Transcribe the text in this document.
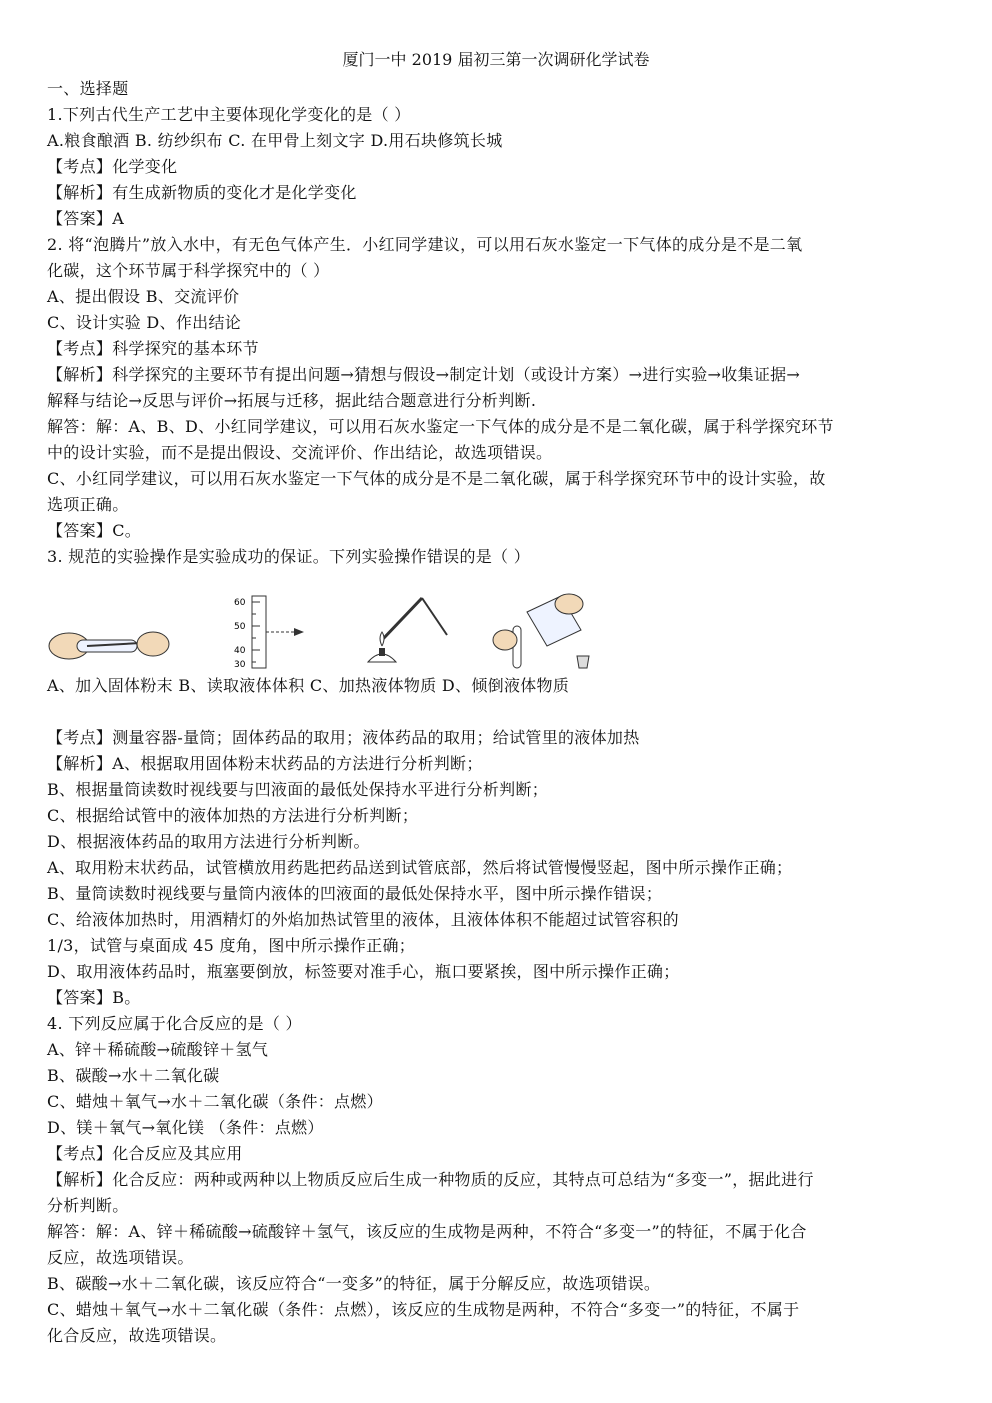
厦门一中 2019 届初三第一次调研化学试卷
一、选择题
1.下列古代生产工艺中主要体现化学变化的是（ ）
A.粮食酿酒 B. 纺纱织布 C. 在甲骨上刻文字 D.用石块修筑长城
【考点】化学变化
【解析】有生成新物质的变化才是化学变化
【答案】A
2. 将“泡腾片”放入水中，有无色气体产生．小红同学建议，可以用石灰水鉴定一下气体的成分是不是二氧
化碳，这个环节属于科学探究中的（ ）
A、提出假设 B、交流评价
C、设计实验 D、作出结论
【考点】科学探究的基本环节
【解析】科学探究的主要环节有提出问题→猜想与假设→制定计划（或设计方案）→进行实验→收集证据→
解释与结论→反思与评价→拓展与迁移，据此结合题意进行分析判断.
解答：解：A、B、D、小红同学建议，可以用石灰水鉴定一下气体的成分是不是二氧化碳，属于科学探究环节
中的设计实验，而不是提出假设、交流评价、作出结论，故选项错误。
C、小红同学建议，可以用石灰水鉴定一下气体的成分是不是二氧化碳，属于科学探究环节中的设计实验，故
选项正确。
【答案】C。
3. 规范的实验操作是实验成功的保证。下列实验操作错误的是（ ）
60
50
40
30
A、加入固体粉末 B、读取液体体积 C、加热液体物质 D、倾倒液体物质
【考点】测量容器-量筒；固体药品的取用；液体药品的取用；给试管里的液体加热
【解析】A、根据取用固体粉末状药品的方法进行分析判断；
B、根据量筒读数时视线要与凹液面的最低处保持水平进行分析判断；
C、根据给试管中的液体加热的方法进行分析判断；
D、根据液体药品的取用方法进行分析判断。
A、取用粉末状药品，试管横放用药匙把药品送到试管底部，然后将试管慢慢竖起，图中所示操作正确；
B、量筒读数时视线要与量筒内液体的凹液面的最低处保持水平，图中所示操作错误；
C、给液体加热时，用酒精灯的外焰加热试管里的液体，且液体体积不能超过试管容积的
1/3，试管与桌面成 45 度角，图中所示操作正确；
D、取用液体药品时，瓶塞要倒放，标签要对准手心，瓶口要紧挨，图中所示操作正确；
【答案】B。
4. 下列反应属于化合反应的是（ ）
A、锌＋稀硫酸→硫酸锌＋氢气
B、碳酸→水＋二氧化碳
C、蜡烛＋氧气→水＋二氧化碳（条件：点燃）
D、镁＋氧气→氧化镁 （条件：点燃）
【考点】化合反应及其应用
【解析】化合反应：两种或两种以上物质反应后生成一种物质的反应，其特点可总结为“多变一”，据此进行
分析判断。
解答：解：A、锌＋稀硫酸→硫酸锌＋氢气，该反应的生成物是两种，不符合“多变一”的特征，不属于化合
反应，故选项错误。
B、碳酸→水＋二氧化碳，该反应符合“一变多”的特征，属于分解反应，故选项错误。
C、蜡烛＋氧气→水＋二氧化碳（条件：点燃），该反应的生成物是两种，不符合“多变一”的特征，不属于
化合反应，故选项错误。
